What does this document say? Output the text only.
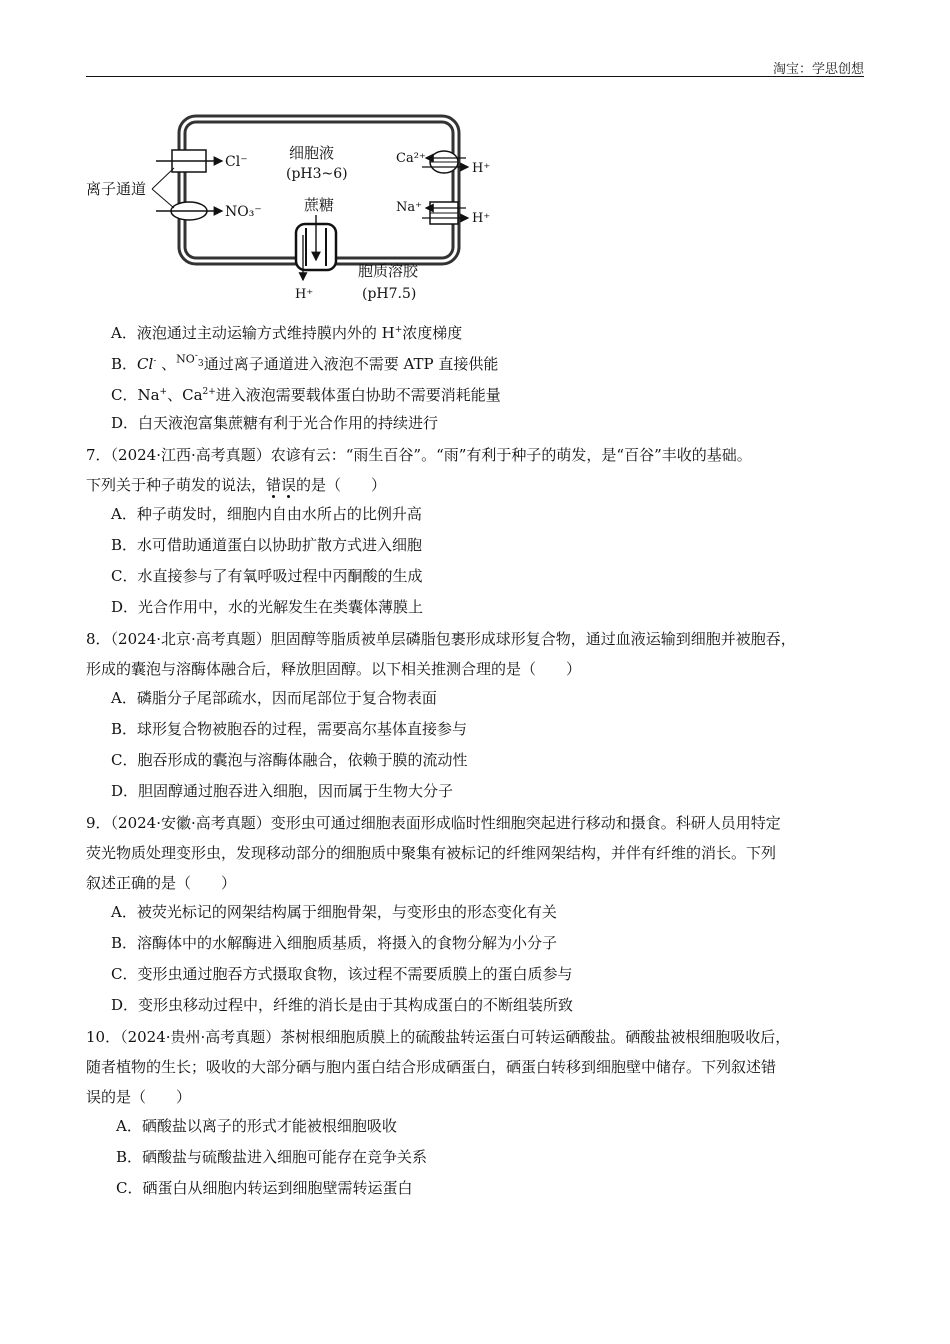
淘宝：学思创想
Cl⁻
NO₃⁻
离子通道
细胞液
(pH3~6)
Ca²⁺
H⁺
Na⁺
H⁺
蔗糖
H⁺
胞质溶胶
(pH7.5)
A．液泡通过主动运输方式维持膜内外的 H+浓度梯度
B．Cl- 、$NO^-_3$通过离子通道进入液泡不需要 ATP 直接供能
C．Na+、$Ca^{2+}$进入液泡需要载体蛋白协助不需要消耗能量
D．白天液泡富集蔗糖有利于光合作用的持续进行

7．（2024·江西·高考真题）农谚有云：“雨生百谷”。“雨”有利于种子的萌发，是“百谷”丰收的基础。

下列关于种子萌发的说法，错误的是（　　）

A．种子萌发时，细胞内自由水所占的比例升高
B．水可借助通道蛋白以协助扩散方式进入细胞
C．水直接参与了有氧呼吸过程中丙酮酸的生成
D．光合作用中，水的光解发生在类囊体薄膜上

8．（2024·北京·高考真题）胆固醇等脂质被单层磷脂包裹形成球形复合物，通过血液运输到细胞并被胞吞，

形成的囊泡与溶酶体融合后，释放胆固醇。以下相关推测合理的是（　　）

A．磷脂分子尾部疏水，因而尾部位于复合物表面
B．球形复合物被胞吞的过程，需要高尔基体直接参与
C．胞吞形成的囊泡与溶酶体融合，依赖于膜的流动性
D．胆固醇通过胞吞进入细胞，因而属于生物大分子

9．（2024·安徽·高考真题）变形虫可通过细胞表面形成临时性细胞突起进行移动和摄食。科研人员用特定

荧光物质处理变形虫，发现移动部分的细胞质中聚集有被标记的纤维网架结构，并伴有纤维的消长。下列

叙述正确的是（　　）

A．被荧光标记的网架结构属于细胞骨架，与变形虫的形态变化有关
B．溶酶体中的水解酶进入细胞质基质，将摄入的食物分解为小分子
C．变形虫通过胞吞方式摄取食物，该过程不需要质膜上的蛋白质参与
D．变形虫移动过程中，纤维的消长是由于其构成蛋白的不断组装所致

10．（2024·贵州·高考真题）茶树根细胞质膜上的硫酸盐转运蛋白可转运硒酸盐。硒酸盐被根细胞吸收后，

随者植物的生长；吸收的大部分硒与胞内蛋白结合形成硒蛋白，硒蛋白转移到细胞壁中储存。下列叙述错

误的是（　　）

A．硒酸盐以离子的形式才能被根细胞吸收
B．硒酸盐与硫酸盐进入细胞可能存在竞争关系
C．硒蛋白从细胞内转运到细胞壁需转运蛋白
